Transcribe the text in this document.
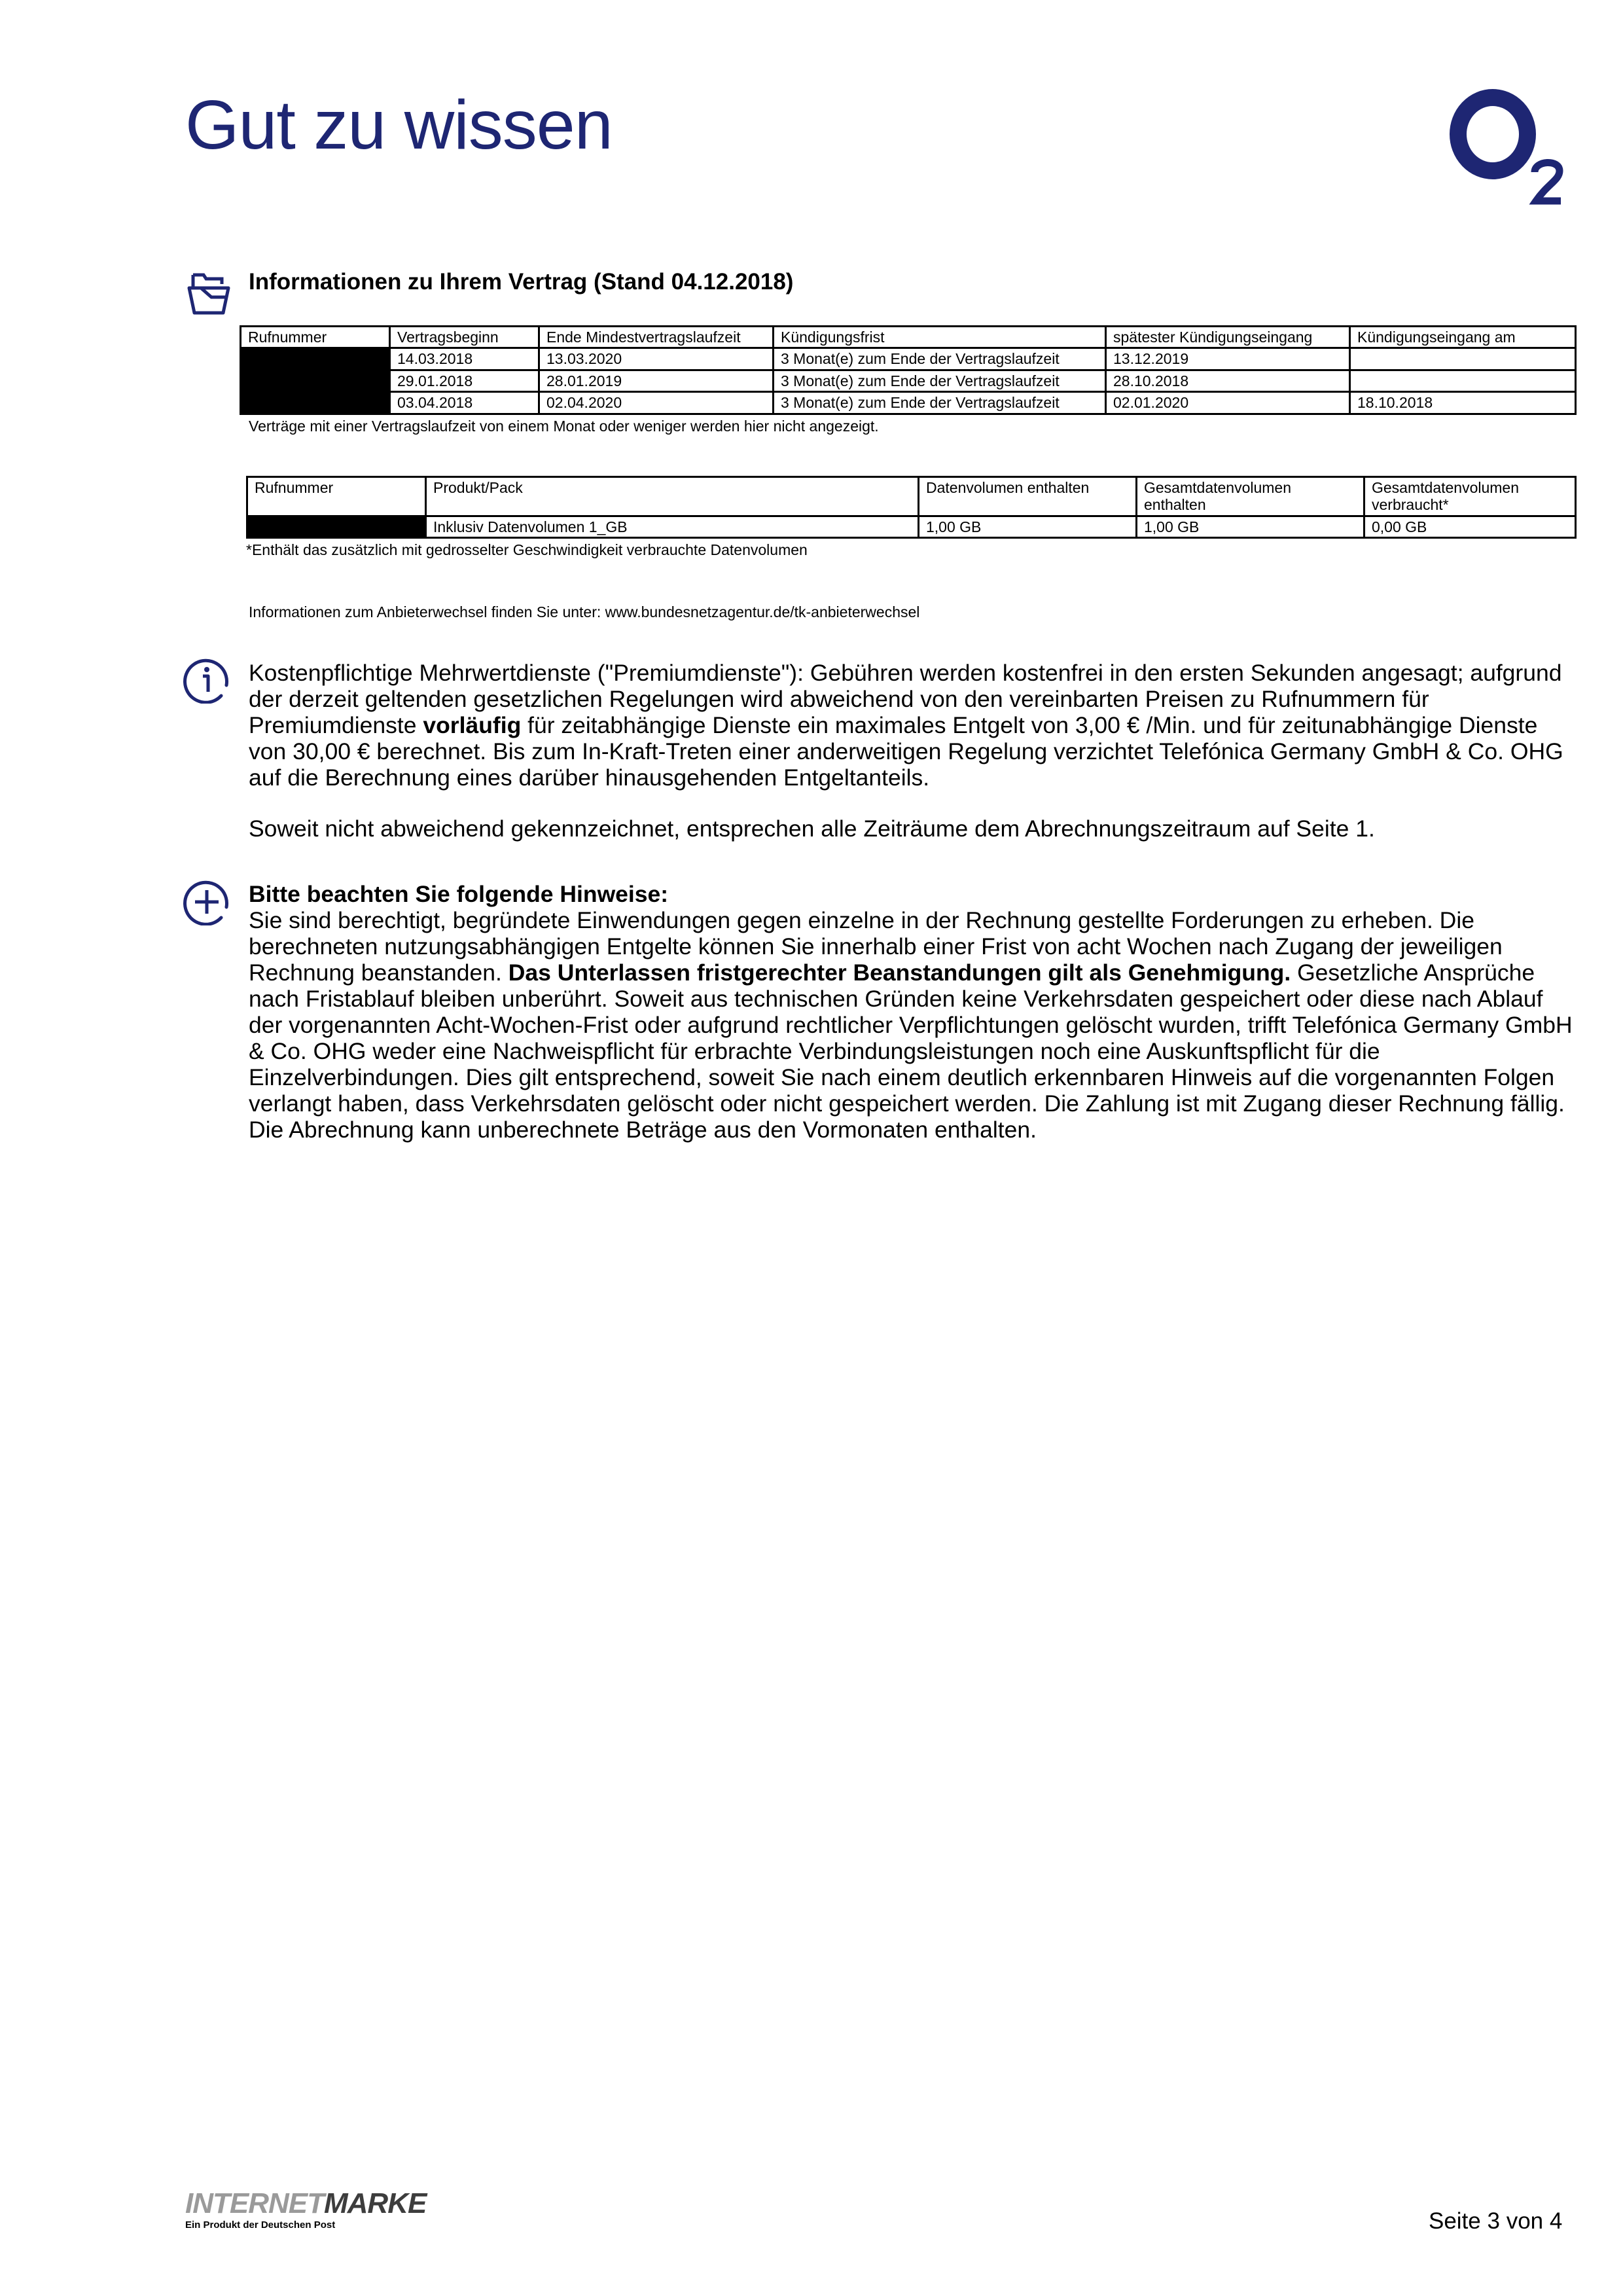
Gut zu wissen
Informationen zu Ihrem Vertrag (Stand 04.12.2018)
Rufnummer	Vertragsbeginn	Ende Mindestvertragslaufzeit	Kündigungsfrist	spätester Kündigungseingang	Kündigungseingang am
	14.03.2018	13.03.2020	3 Monat(e) zum Ende der Vertragslaufzeit	13.12.2019	
	29.01.2018	28.01.2019	3 Monat(e) zum Ende der Vertragslaufzeit	28.10.2018	
	03.04.2018	02.04.2020	3 Monat(e) zum Ende der Vertragslaufzeit	02.01.2020	18.10.2018
Verträge mit einer Vertragslaufzeit von einem Monat oder weniger werden hier nicht angezeigt.
Rufnummer	Produkt/Pack	Datenvolumen enthalten	Gesamtdatenvolumen enthalten	Gesamtdatenvolumen verbraucht*
	Inklusiv Datenvolumen 1_GB	1,00 GB	1,00 GB	0,00 GB
*Enthält das zusätzlich mit gedrosselter Geschwindigkeit verbrauchte Datenvolumen
Informationen zum Anbieterwechsel finden Sie unter: www.bundesnetzagentur.de/tk-anbieterwechsel
Kostenpflichtige Mehrwertdienste ("Premiumdienste"): Gebühren werden kostenfrei in den ersten Sekunden angesagt; aufgrund der derzeit geltenden gesetzlichen Regelungen wird abweichend von den vereinbarten Preisen zu Rufnummern für Premiumdienste vorläufig für zeitabhängige Dienste ein maximales Entgelt von 3,00 € /Min. und für zeitunabhängige Dienste von 30,00 € berechnet. Bis zum In-Kraft-Treten einer anderweitigen Regelung verzichtet Telefónica Germany GmbH & Co. OHG auf die Berechnung eines darüber hinausgehenden Entgeltanteils.
Soweit nicht abweichend gekennzeichnet, entsprechen alle Zeiträume dem Abrechnungszeitraum auf Seite 1.
Bitte beachten Sie folgende Hinweise:
Sie sind berechtigt, begründete Einwendungen gegen einzelne in der Rechnung gestellte Forderungen zu erheben. Die berechneten nutzungsabhängigen Entgelte können Sie innerhalb einer Frist von acht Wochen nach Zugang der jeweiligen Rechnung beanstanden. Das Unterlassen fristgerechter Beanstandungen gilt als Genehmigung. Gesetzliche Ansprüche nach Fristablauf bleiben unberührt. Soweit aus technischen Gründen keine Verkehrsdaten gespeichert oder diese nach Ablauf der vorgenannten Acht-Wochen-Frist oder aufgrund rechtlicher Verpflichtungen gelöscht wurden, trifft Telefónica Germany GmbH & Co. OHG weder eine Nachweispflicht für erbrachte Verbindungsleistungen noch eine Auskunftspflicht für die Einzelverbindungen. Dies gilt entsprechend, soweit Sie nach einem deutlich erkennbaren Hinweis auf die vorgenannten Folgen verlangt haben, dass Verkehrsdaten gelöscht oder nicht gespeichert werden. Die Zahlung ist mit Zugang dieser Rechnung fällig. Die Abrechnung kann unberechnete Beträge aus den Vormonaten enthalten.
INTERNETMARKE
Ein Produkt der Deutschen Post	Seite 3 von 4
